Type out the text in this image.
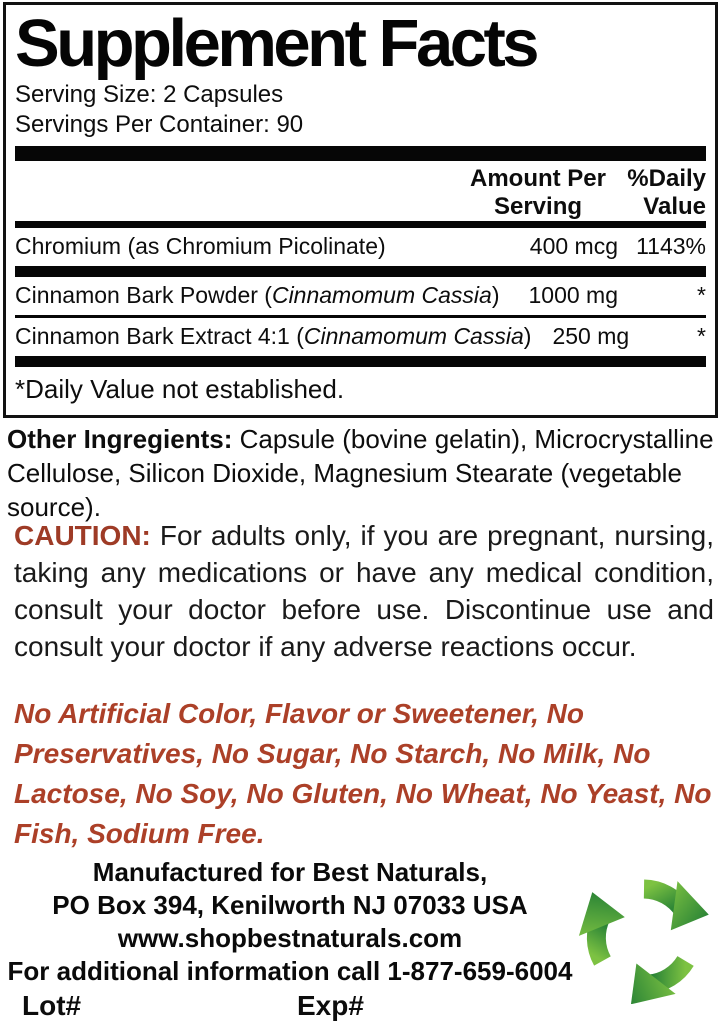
Supplement Facts
Serving Size: 2 Capsules
Servings Per Container: 90
Amount Per Serving
%Daily Value
Chromium (as Chromium Picolinate)	400 mcg 1143%
Cinnamon Bark Powder (Cinnamomum Cassia)	1000 mg	*
Cinnamon Bark Extract 4:1 (Cinnamomum Cassia) 250 mg	*
*Daily Value not established.

Other Ingregients: Capsule (bovine gelatin), Microcrystalline Cellulose, Silicon Dioxide, Magnesium Stearate (vegetable source).

CAUTION: For adults only, if you are pregnant, nursing, taking any medications or have any medical condition, consult your doctor before use. Discontinue use and consult your doctor if any adverse reactions occur.

No Artificial Color, Flavor or Sweetener, No Preservatives, No Sugar, No Starch, No Milk, No Lactose, No Soy, No Gluten, No Wheat, No Yeast, No Fish, Sodium Free.

Manufactured for Best Naturals,
PO Box 394, Kenilworth NJ 07033 USA
www.shopbestnaturals.com
For additional information call 1-877-659-6004
Lot#	Exp#
